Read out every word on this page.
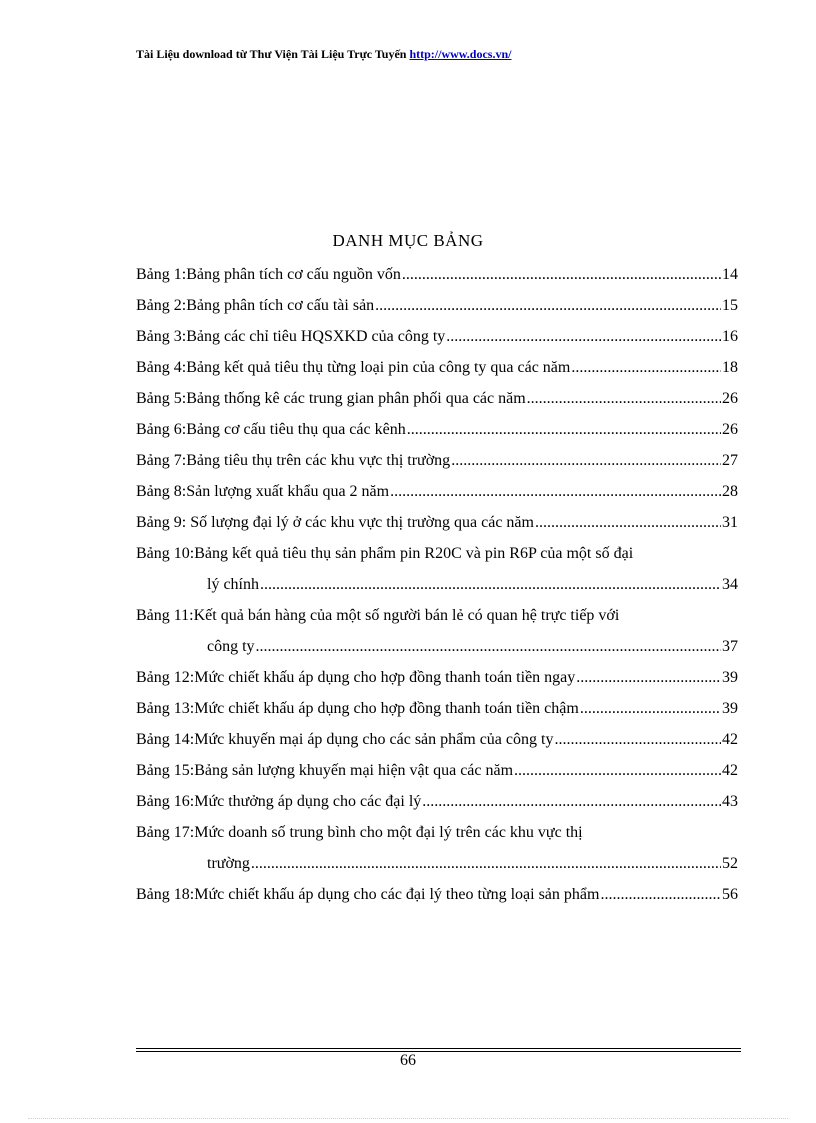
Tài Liệu download từ Thư Viện Tài Liệu Trực Tuyến http://www.docs.vn/
DANH MỤC BẢNG
Bảng 1:Bảng phân tích cơ cấu nguồn vốn .....	14
Bảng 2:Bảng phân tích cơ cấu tài sản .....	15
Bảng 3:Bảng các chỉ tiêu HQSXKD của công ty .....	16
Bảng 4:Bảng kết quả tiêu thụ từng loại pin của công ty qua các năm .....	18
Bảng 5:Bảng thống kê các trung gian phân phối qua các năm .....	26
Bảng 6:Bảng cơ cấu tiêu thụ qua các kênh .....	26
Bảng 7:Bảng tiêu thụ trên các khu vực thị trường .....	27
Bảng 8:Sản lượng xuất khẩu qua 2 năm .....	28
Bảng 9: Số lượng đại lý ở các khu vực thị trường qua các năm .....	31
Bảng 10:Bảng kết quả tiêu thụ sản phẩm pin R20C và pin R6P của một số đại
lý chính .....	34
Bảng 11:Kết quả bán hàng của một số người bán lẻ có quan hệ trực tiếp với
công ty .....	37
Bảng 12:Mức chiết khấu áp dụng cho hợp đồng thanh toán tiền ngay .....	39
Bảng 13:Mức chiết khấu áp dụng cho hợp đồng thanh toán tiền chậm .....	39
Bảng 14:Mức khuyến mại áp dụng cho các sản phẩm của công ty .....	42
Bảng 15:Bảng sản lượng khuyến mại hiện vật qua các năm .....	42
Bảng 16:Mức thưởng áp dụng cho các đại lý .....	43
Bảng 17:Mức doanh số trung bình cho một đại lý trên các khu vực thị
trường .....	52
Bảng 18:Mức chiết khấu áp dụng cho các đại lý theo từng loại sản phẩm .....	56
66
